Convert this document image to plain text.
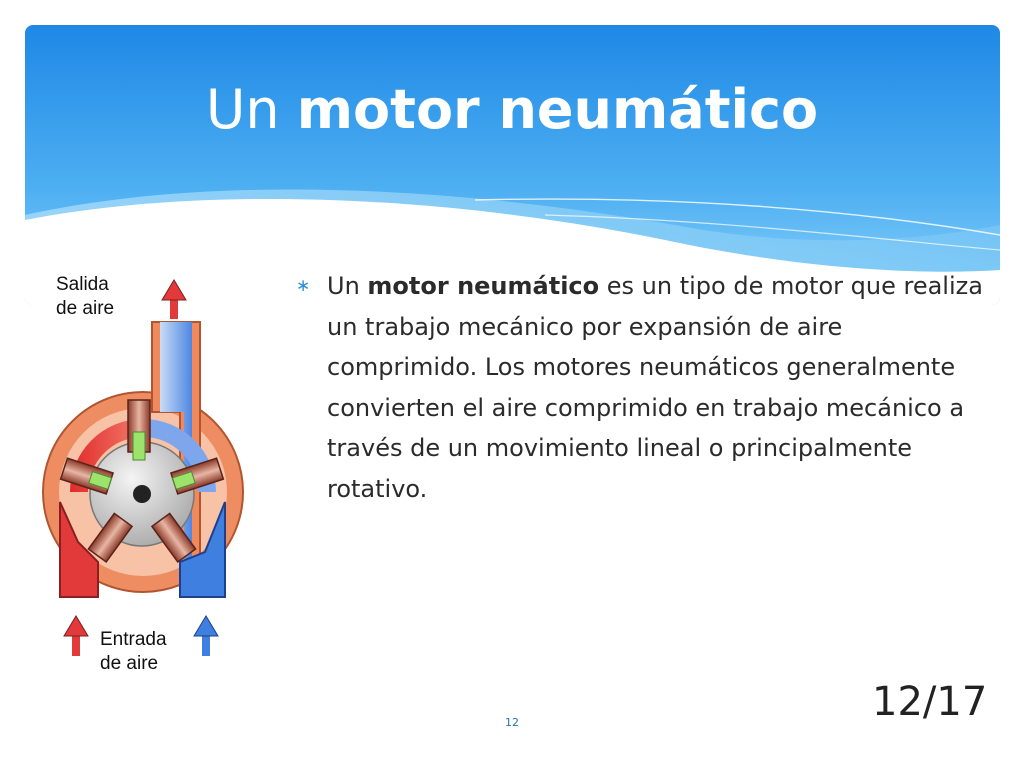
Un motor neumático
Salida
de aire
Entrada
de aire
∗ Un motor neumático es un tipo de motor que realiza un trabajo mecánico por expansión de aire comprimido. Los motores neumáticos generalmente convierten el aire comprimido en trabajo mecánico a través de un movimiento lineal o principalmente rotativo.

12	12/17
